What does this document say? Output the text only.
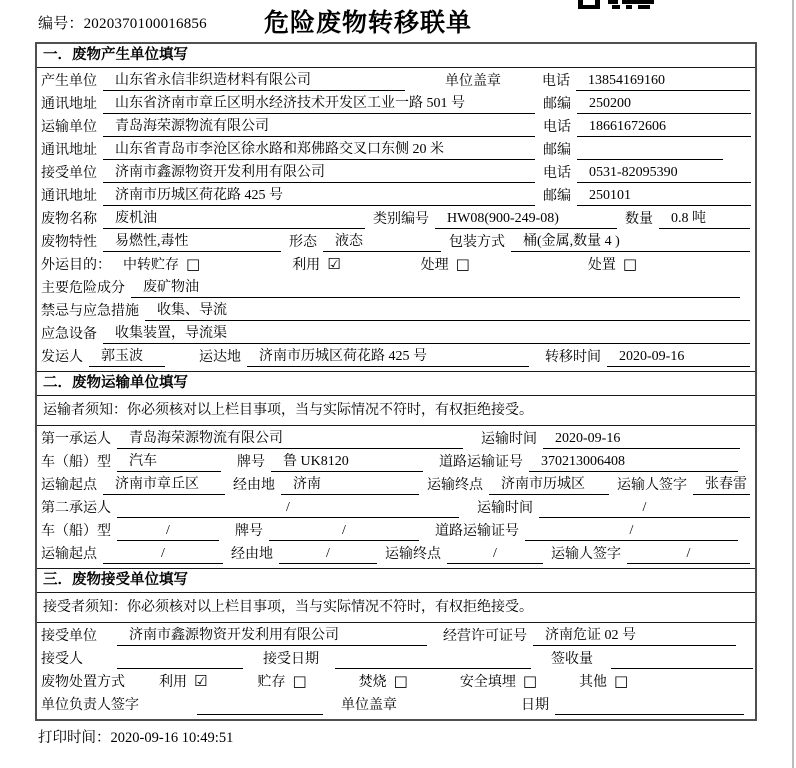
编号：2020370100016856	危险废物转移联单
一．废物产生单位填写
产生单位	山东省永信非织造材料有限公司	单位盖章	电话	13854169160
通讯地址	山东省济南市章丘区明水经济技术开发区工业一路 501 号	邮编	250200
运输单位	青岛海荣源物流有限公司	电话	18661672606
通讯地址	山东省青岛市李沧区徐水路和郑佛路交叉口东侧 20 米	邮编
接受单位	济南市鑫源物资开发利用有限公司	电话	0531-82095390
通讯地址	济南市历城区荷花路 425 号	邮编	250101
废物名称	废机油	类别编号	HW08(900-249-08)	数量	0.8 吨
废物特性	易燃性,毒性	形态	液态	包装方式	桶(金属,数量 4 )
外运目的： 中转贮存 □	利用 ☑	处理 □	处置 □
主要危险成分	废矿物油
禁忌与应急措施	收集、导流
应急设备	收集装置，导流渠
发运人	郭玉波	运达地	济南市历城区荷花路 425 号	转移时间	2020-09-16
二．废物运输单位填写
运输者须知：你必须核对以上栏目事项，当与实际情况不符时，有权拒绝接受。
第一承运人	青岛海荣源物流有限公司	运输时间	2020-09-16
车（船）型	汽车	牌号	鲁 UK8120	道路运输证号	370213006408
运输起点	济南市章丘区	经由地	济南	运输终点	济南市历城区	运输人签字	张春雷
第二承运人	/	运输时间	/
车（船）型	/	牌号	/	道路运输证号	/
运输起点	/	经由地	/	运输终点	/	运输人签字	/
三．废物接受单位填写
接受者须知：你必须核对以上栏目事项，当与实际情况不符时，有权拒绝接受。
接受单位	济南市鑫源物资开发利用有限公司	经营许可证号	济南危证 02 号
接受人	接受日期	签收量
废物处置方式 利用 ☑	贮存 □	焚烧 □	安全填埋 □	其他 □
单位负责人签字	单位盖章	日期
打印时间：2020-09-16 10:49:51
